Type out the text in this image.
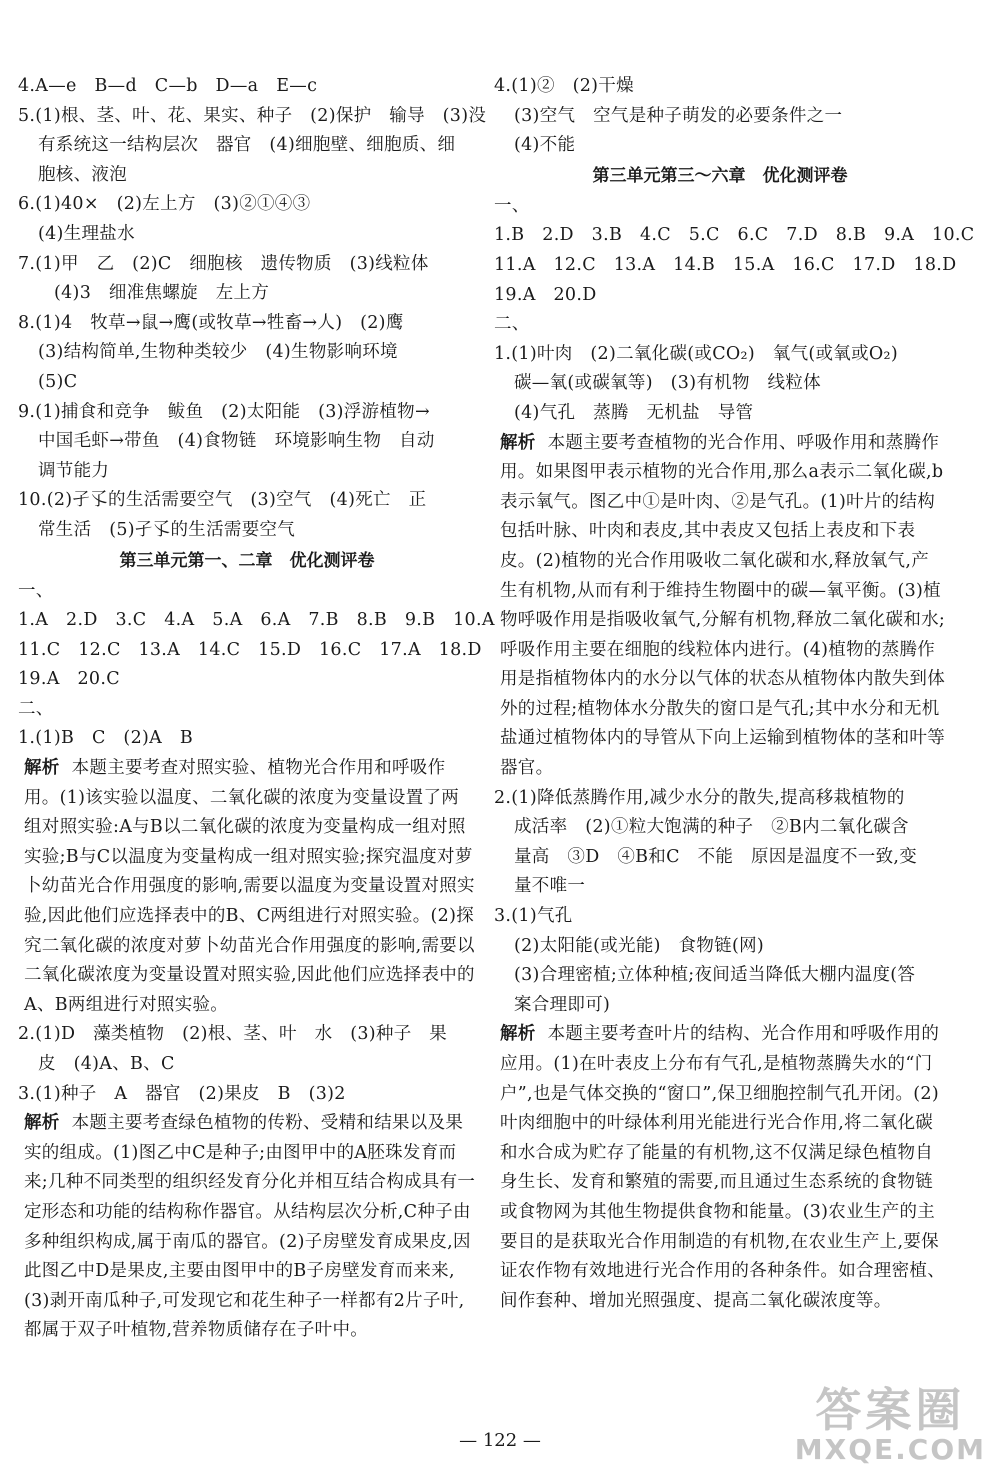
4.A—e　B—d　C—b　D—a　E—c
5.(1)根、茎、叶、花、果实、种子　(2)保护　输导　(3)没
有系统这一结构层次　器官　(4)细胞壁、细胞质、细
胞核、液泡
6.(1)40×　(2)左上方　(3)②①④③
(4)生理盐水
7.(1)甲　乙　(2)C　细胞核　遗传物质　(3)线粒体
(4)3　细准焦螺旋　左上方
8.(1)4　牧草→鼠→鹰(或牧草→牲畜→人)　(2)鹰
(3)结构简单,生物种类较少　(4)生物影响环境
(5)C
9.(1)捕食和竞争　鲅鱼　(2)太阳能　(3)浮游植物→
中国毛虾→带鱼　(4)食物链　环境影响生物　自动
调节能力
10.(2)孑孓的生活需要空气　(3)空气　(4)死亡　正
常生活　(5)孑孓的生活需要空气
第三单元第一、二章　优化测评卷
一、
1.A　2.D　3.C　4.A　5.A　6.A　7.B　8.B　9.B　10.A
11.C　12.C　13.A　14.C　15.D　16.C　17.A　18.D
19.A　20.C
二、
1.(1)B　C　(2)A　B
解析 本题主要考查对照实验、植物光合作用和呼吸作用。(1)该实验以温度、二氧化碳的浓度为变量设置了两组对照实验:A与B以二氧化碳的浓度为变量构成一组对照实验;B与C以温度为变量构成一组对照实验;探究温度对萝卜幼苗光合作用强度的影响,需要以温度为变量设置对照实验,因此他们应选择表中的B、C两组进行对照实验。(2)探究二氧化碳的浓度对萝卜幼苗光合作用强度的影响,需要以二氧化碳浓度为变量设置对照实验,因此他们应选择表中的A、B两组进行对照实验。
2.(1)D　藻类植物　(2)根、茎、叶　水　(3)种子　果
皮　(4)A、B、C
3.(1)种子　A　器官　(2)果皮　B　(3)2
解析 本题主要考查绿色植物的传粉、受精和结果以及果实的组成。(1)图乙中C是种子;由图甲中的A胚珠发育而来;几种不同类型的组织经发育分化并相互结合构成具有一定形态和功能的结构称作器官。从结构层次分析,C种子由多种组织构成,属于南瓜的器官。(2)子房壁发育成果皮,因此图乙中D是果皮,主要由图甲中的B子房壁发育而来来,(3)剥开南瓜种子,可发现它和花生种子一样都有2片子叶,都属于双子叶植物,营养物质储存在子叶中。
4.(1)②　(2)干燥
(3)空气　空气是种子萌发的必要条件之一
(4)不能
第三单元第三～六章　优化测评卷
一、
1.B　2.D　3.B　4.C　5.C　6.C　7.D　8.B　9.A　10.C
11.A　12.C　13.A　14.B　15.A　16.C　17.D　18.D
19.A　20.D
二、
1.(1)叶肉　(2)二氧化碳(或CO₂)　氧气(或氧或O₂)
碳—氧(或碳氧等)　(3)有机物　线粒体
(4)气孔　蒸腾　无机盐　导管
解析 本题主要考查植物的光合作用、呼吸作用和蒸腾作用。如果图甲表示植物的光合作用,那么a表示二氧化碳,b表示氧气。图乙中①是叶肉、②是气孔。(1)叶片的结构包括叶脉、叶肉和表皮,其中表皮又包括上表皮和下表皮。(2)植物的光合作用吸收二氧化碳和水,释放氧气,产生有机物,从而有利于维持生物圈中的碳—氧平衡。(3)植物呼吸作用是指吸收氧气,分解有机物,释放二氧化碳和水;呼吸作用主要在细胞的线粒体内进行。(4)植物的蒸腾作用是指植物体内的水分以气体的状态从植物体内散失到体外的过程;植物体水分散失的窗口是气孔;其中水分和无机盐通过植物体内的导管从下向上运输到植物体的茎和叶等器官。
2.(1)降低蒸腾作用,减少水分的散失,提高移栽植物的
成活率　(2)①粒大饱满的种子　②B内二氧化碳含
量高　③D　④B和C　不能　原因是温度不一致,变
量不唯一
3.(1)气孔
(2)太阳能(或光能)　食物链(网)
(3)合理密植;立体种植;夜间适当降低大棚内温度(答
案合理即可)
解析 本题主要考查叶片的结构、光合作用和呼吸作用的应用。(1)在叶表皮上分布有气孔,是植物蒸腾失水的“门户”,也是气体交换的“窗口”,保卫细胞控制气孔开闭。(2)叶肉细胞中的叶绿体利用光能进行光合作用,将二氧化碳和水合成为贮存了能量的有机物,这不仅满足绿色植物自身生长、发育和繁殖的需要,而且通过生态系统的食物链或食物网为其他生物提供食物和能量。(3)农业生产的主要目的是获取光合作用制造的有机物,在农业生产上,要保证农作物有效地进行光合作用的各种条件。如合理密植、间作套种、增加光照强度、提高二氧化碳浓度等。
— 122 —
答案圈
MXQE.COM
